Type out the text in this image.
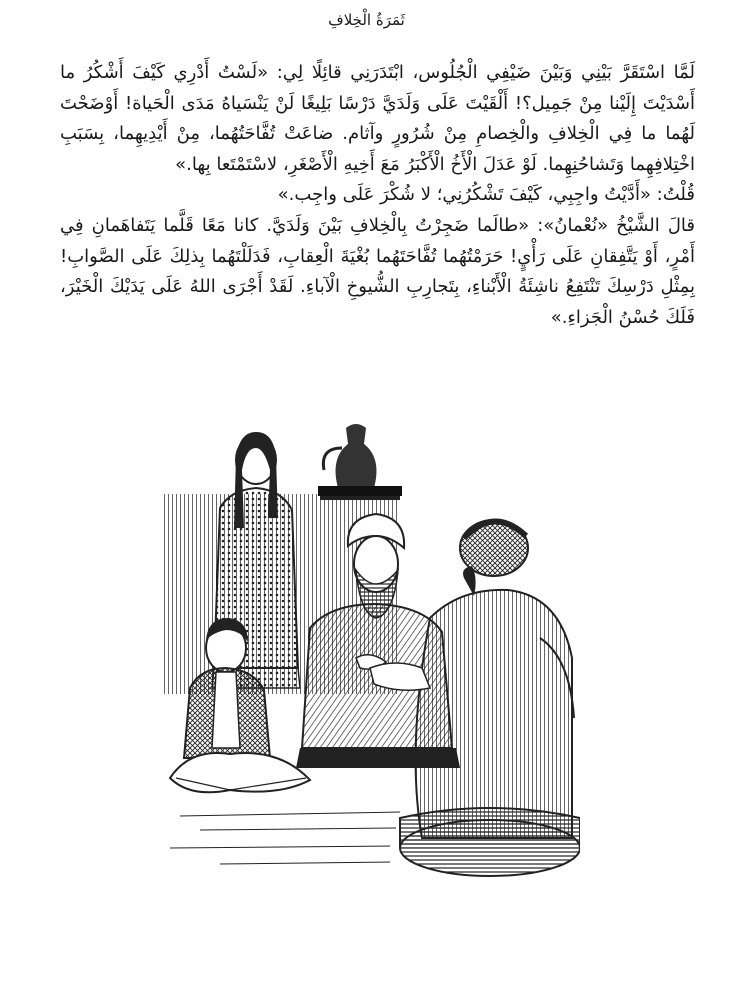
ثَمَرَةُ الْخِلافِ

لَمَّا اسْتَقَرَّ بَيْنِي وَبَيْنَ ضَيْفِي الْجُلُوس، ابْتَدَرَنِي قائِلًا لِي: «لَسْتُ أَدْرِي كَيْفَ أَشْكُرُ ما أَسْدَيْتَ إِلَيْنا مِنْ جَمِيل؟! أَلْقَيْتَ عَلَى وَلَدَيَّ دَرْسًا بَلِيغًا لَنْ يَنْسَياهُ مَدَى الْحَياة! أَوْضَحْتَ لَهُما ما فِي الْخِلافِ والْخِصامِ مِنْ شُرُورٍ وآثام. ضاعَتْ تُفَّاحَتُهُما، مِنْ أَيْدِيهِما، بِسَبَبِ اخْتِلافِهِما وَتَشاحُنِهِما. لَوْ عَدَلَ الْأَخُ الْأَكْبَرُ مَعَ أَخِيهِ الْأَصْغَرِ، لاسْتَمْتَعا بِها.»

قُلْتُ: «أَدَّيْتُ واجِبِي، كَيْفَ تَشْكُرُنِي؛ لا شُكْرَ عَلَى واجِب.»

قالَ الشَّيْخُ «نُعْمانُ»: «طالَما ضَجِرْتُ بِالْخِلافِ بَيْنَ وَلَدَيَّ. كانا مَعًا قَلَّما يَتَفاهَمانِ فِي أَمْرٍ، أَوْ يَتَّفِقانِ عَلَى رَأْيٍ! حَرَمْتُهُما تُفَّاحَتَهُما بُغْيَةَ الْعِقابِ، فَدَلَلْتَهُما بِذلِكَ عَلَى الصَّوابِ! بِمِثْلِ دَرْسِكَ تَنْتَفِعُ ناشِئَةُ الْأَبْناءِ، بِتَجارِبِ الشُّيوخِ الْآباءِ. لَقَدْ أَجْرَى اللهُ عَلَى يَدَيْكَ الْخَيْرَ، فَلَكَ حُسْنُ الْجَزاءِ.»
